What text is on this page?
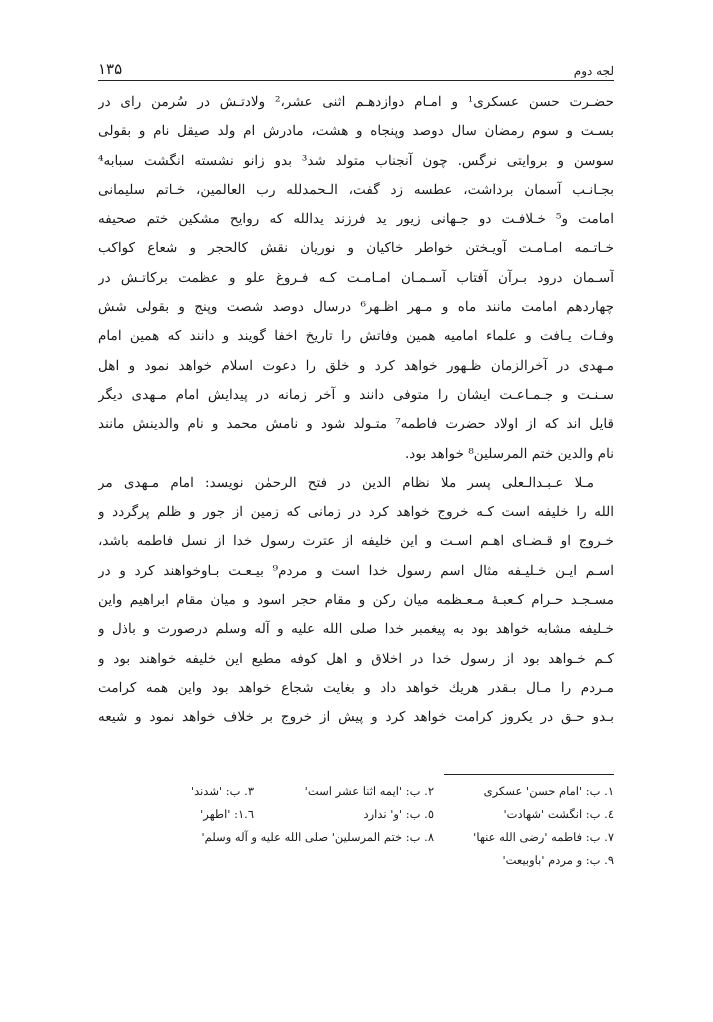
۱۳۵	لجه دوم
حضـرت حسن عسکری¹ و امـام دوازدهـم اثنی عشر،² ولادتـش در سُرمن رای در
بسـت و سوم رمضان سال دوصد وپنجاه و هشت، مادرش ام ولد صیقل نام و بقولی
سوسن و بروایتی نرگس. چون آنجناب متولد شد³ بدو زانو نشسته انگشت سبابه⁴
بجـانـب آسمان برداشت، عطسه زد گفت، الـحمدلله رب العالمین، خـاتم سلیمانی
امامت و⁵ خـلافـت دو جـهانی زیور ید فرزند یدالله که روایح مشکین ختم صحیفه
خـاتـمه امـامـت آویـختن خواطر خاکیان و نوریان نقش کالحجر و شعاع کواکب
آسـمان درود بـرآن آفتاب آسـمـان امـامـت کـه فـروغ علو و عظمت برکاتـش در
چهاردهم امامت مانند ماه و مـهر اظـهر⁶ درسال دوصد شصت وپنج و بقولی شش
وفـات یـافت و علماء امامیه همین وفاتش را تاریخ اخفا گویند و دانند که همین امام
مـهدی در آخرالزمان ظـهور خواهد کرد و خلق را دعوت اسلام خواهد نمود و اهل
سـنـت و جـمـاعـت ایشان را متوفی دانند و آخر زمانه در پیدایش امام مـهدی دیگر
قایل اند که از اولاد حضرت فاطمه⁷ متـولد شود و نامش محمد و نام والدینش مانند
نام والدین ختم المرسلین⁸ خواهد بود.
مـلا عـبـدالـعلی پسر ملا نظام الدین در فتح الرحمٰن نویسد: امام مـهدی مر
الله را خلیفه است کـه خروج خواهد کرد در زمانی که زمین از جور و ظلم پرگردد و
خـروج او قـضـای اهـم اسـت و این خلیفه از عترت رسول خدا از نسل فاطمه باشد،
اسـم ایـن خـلیـفه مثال اسم رسول خدا است و مردم⁹ بیـعـت بـاوخواهند کرد و در
مسـجـد حـرام کـعبـهٔ مـعـظمه میان رکن و مقام حجر اسود و میان مقام ابراهیم واین
خـلیفه مشابه خواهد بود به پیغمبر خدا صلی الله علیه و آله وسلم درصورت و باذل و
کـم خـواهد بود از رسول خدا در اخلاق و اهل کوفه مطیع این خلیفه خواهند بود و
مـردم را مـال بـقدر هریك خواهد داد و بغایت شجاع خواهد بود واین همه کرامت
بـدو حـق در یکروز کرامت خواهد کرد و پیش از خروج بر خلاف خواهد نمود و شیعه
١. ب: 'امام حسن' عسکری
٢. ب: 'ایمه اثنا عشر است'
٣. ب: 'شدند'
٤. ب: انگشت 'شهادت'
٥. ب: 'و' ندارد
١.٦: 'اطهر'
٧. ب: فاطمه 'رضی الله عنها'
٨. ب: ختم المرسلین' صلی الله علیه و آله وسلم'
٩. ب: و مردم 'باوبیعت'
